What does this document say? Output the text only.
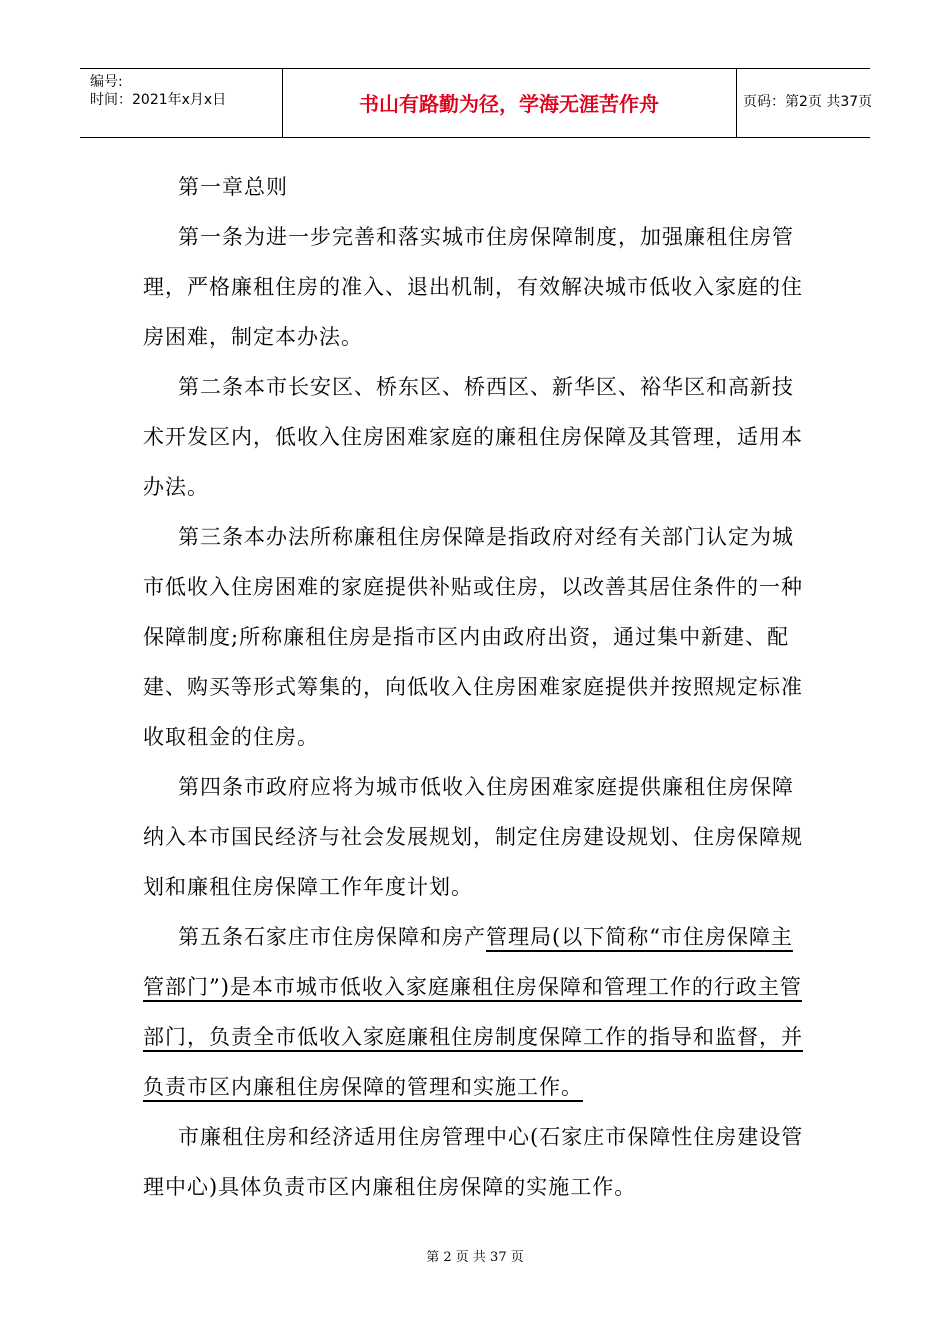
编号:
时间：2021年x月x日	书山有路勤为径，学海无涯苦作舟	页码：第2页 共37页

第一章总则

第一条为进一步完善和落实城市住房保障制度，加强廉租住房管理，严格廉租住房的准入、退出机制，有效解决城市低收入家庭的住房困难，制定本办法。

第二条本市长安区、桥东区、桥西区、新华区、裕华区和高新技术开发区内，低收入住房困难家庭的廉租住房保障及其管理，适用本办法。

第三条本办法所称廉租住房保障是指政府对经有关部门认定为城市低收入住房困难的家庭提供补贴或住房，以改善其居住条件的一种保障制度;所称廉租住房是指市区内由政府出资，通过集中新建、配建、购买等形式筹集的，向低收入住房困难家庭提供并按照规定标准收取租金的住房。

第四条市政府应将为城市低收入住房困难家庭提供廉租住房保障纳入本市国民经济与社会发展规划，制定住房建设规划、住房保障规划和廉租住房保障工作年度计划。

第五条石家庄市住房保障和房产管理局(以下简称“市住房保障主管部门”)是本市城市低收入家庭廉租住房保障和管理工作的行政主管部门，负责全市低收入家庭廉租住房制度保障工作的指导和监督，并负责市区内廉租住房保障的管理和实施工作。

市廉租住房和经济适用住房管理中心(石家庄市保障性住房建设管理中心)具体负责市区内廉租住房保障的实施工作。

第 2 页 共 37 页
